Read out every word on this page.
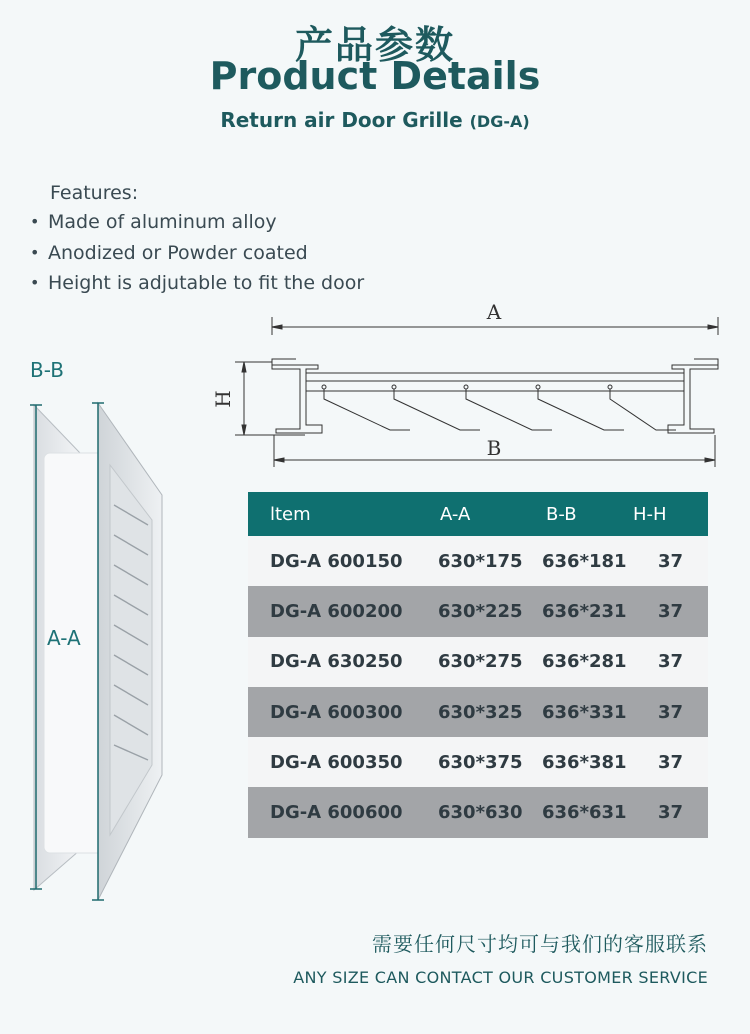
产品参数
Product Details
Return air Door Grille (DG-A)
Features:
• Made of aluminum alloy
• Anodized or Powder coated
• Height is adjutable to fit the door
A
B
H
B-B
A-A
ltem	A-A	B-B	H-H
DG-A 600150	630*175	636*181	37
DG-A 600200	630*225	636*231	37
DG-A 630250	630*275	636*281	37
DG-A 600300	630*325	636*331	37
DG-A 600350	630*375	636*381	37
DG-A 600600	630*630	636*631	37
需要任何尺寸均可与我们的客服联系
ANY SIZE CAN CONTACT OUR CUSTOMER SERVICE
